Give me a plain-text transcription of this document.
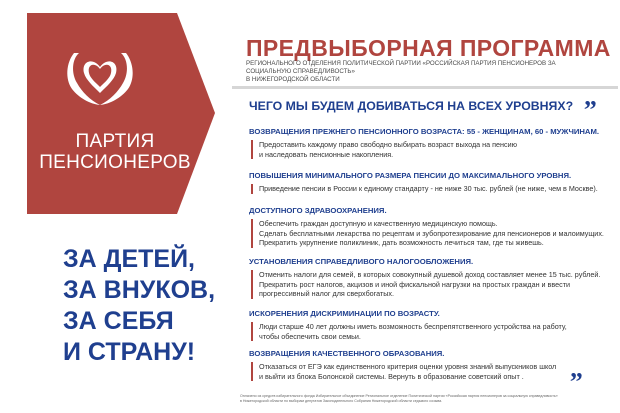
ПАРТИЯ
ПЕНСИОНЕРОВ
ЗА ДЕТЕЙ,
ЗА ВНУКОВ,
ЗА СЕБЯ
И СТРАНУ!
ПРЕДВЫБОРНАЯ ПРОГРАММА
РЕГИОНАЛЬНОГО ОТДЕЛЕНИЯ ПОЛИТИЧЕСКОЙ ПАРТИИ «РОССИЙСКАЯ ПАРТИЯ ПЕНСИОНЕРОВ ЗА СОЦИАЛЬНУЮ СПРАВЕДЛИВОСТЬ»
В НИЖЕГОРОДСКОЙ ОБЛАСТИ
„
ЧЕГО МЫ БУДЕМ ДОБИВАТЬСЯ НА ВСЕХ УРОВНЯХ?
ВОЗВРАЩЕНИЯ ПРЕЖНЕГО ПЕНСИОННОГО ВОЗРАСТА: 55 - ЖЕНЩИНАМ, 60 - МУЖЧИНАМ.
Предоставить каждому право свободно выбирать возраст выхода на пенсию
и наследовать пенсионные накопления.
ПОВЫШЕНИЯ МИНИМАЛЬНОГО РАЗМЕРА ПЕНСИИ ДО МАКСИМАЛЬНОГО УРОВНЯ.
Приведение пенсии в России к единому стандарту - не ниже 30 тыс. рублей (не ниже, чем в Москве).
ДОСТУПНОГО ЗДРАВООХРАНЕНИЯ.
Обеспечить граждан доступную и качественную медицинскую помощь.
Сделать бесплатными лекарства по рецептам и зубопротезирование для пенсионеров и малоимущих.
Прекратить укрупнение поликлиник, дать возможность лечиться там, где ты живешь.
УСТАНОВЛЕНИЯ СПРАВЕДЛИВОГО НАЛОГООБЛОЖЕНИЯ.
Отменить налоги для семей, в которых совокупный душевой доход составляет менее 15 тыс. рублей.
Прекратить рост налогов, акцизов и иной фискальной нагрузки на простых граждан и ввести
прогрессивный налог для сверхбогатых.
ИСКОРЕНЕНИЯ ДИСКРИМИНАЦИИ ПО ВОЗРАСТУ.
Люди старше 40 лет должны иметь возможность беспрепятственного устройства на работу,
чтобы обеспечить свои семьи.
ВОЗВРАЩЕНИЯ КАЧЕСТВЕННОГО ОБРАЗОВАНИЯ.
Отказаться от ЕГЭ как единственного критерия оценки уровня знаний выпускников школ
и выйти из блока Болонской системы. Вернуть в образование советский опыт .	„
Оплачено из средств избирательного фонда Избирательное объединение Региональное отделение Политической партии «Российская партия пенсионеров за социальную справедливость»
в Нижегородской области по выборам депутатов Законодательного Собрания Нижегородской области седьмого созыва.
